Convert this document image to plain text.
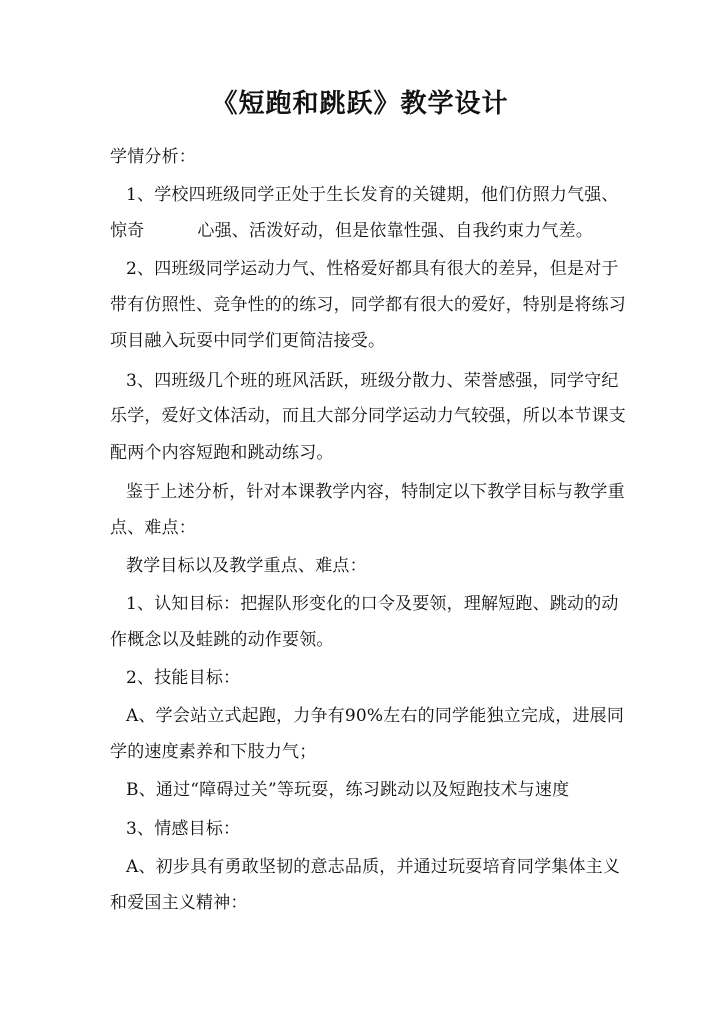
《短跑和跳跃》教学设计
学情分析：
1、学校四班级同学正处于生长发育的关键期，他们仿照力气强、
惊奇	心强、活泼好动，但是依靠性强、自我约束力气差。
2、四班级同学运动力气、性格爱好都具有很大的差异，但是对于
带有仿照性、竞争性的的练习，同学都有很大的爱好，特别是将练习
项目融入玩耍中同学们更简洁接受。
3、四班级几个班的班风活跃，班级分散力、荣誉感强，同学守纪
乐学，爱好文体活动，而且大部分同学运动力气较强，所以本节课支
配两个内容短跑和跳动练习。
鉴于上述分析，针对本课教学内容，特制定以下教学目标与教学重
点、难点：
教学目标以及教学重点、难点：
1、认知目标：把握队形变化的口令及要领，理解短跑、跳动的动
作概念以及蛙跳的动作要领。
2、技能目标：
A、学会站立式起跑，力争有90%左右的同学能独立完成，进展同
学的速度素养和下肢力气；
B、通过“障碍过关”等玩耍，练习跳动以及短跑技术与速度
3、情感目标：
A、初步具有勇敢坚韧的意志品质，并通过玩耍培育同学集体主义
和爱国主义精神：
